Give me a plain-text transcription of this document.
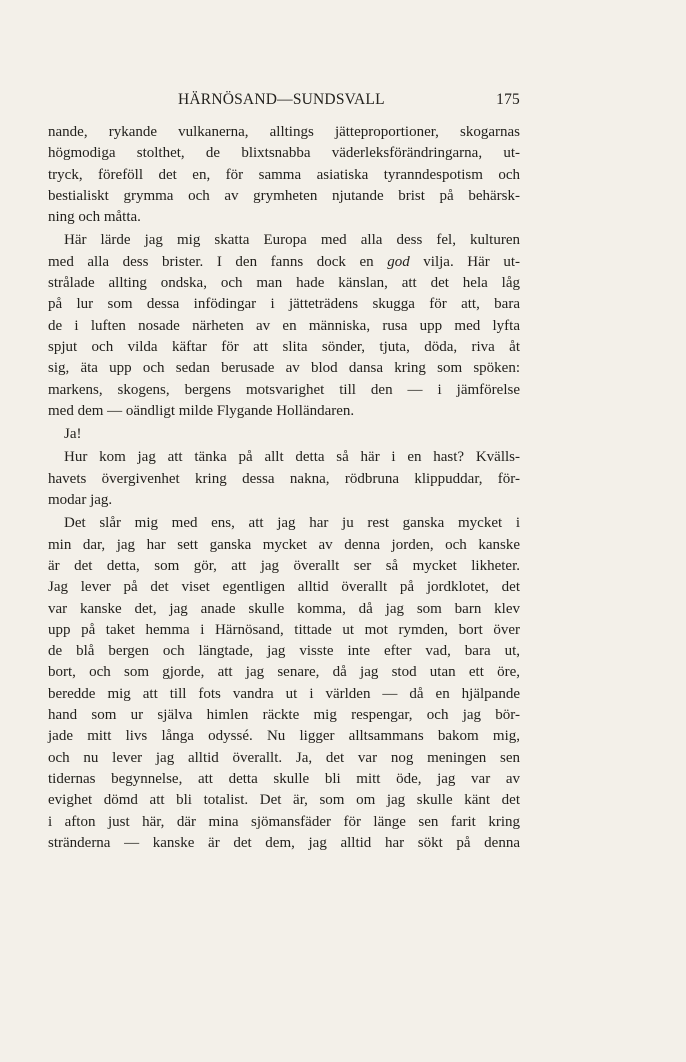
HÄRNÖSAND—SUNDSVALL	175
nande, rykande vulkanerna, alltings jätteproportioner, skogarnas
högmodiga stolthet, de blixtsnabba väderleksförändringarna, ut-
tryck, föreföll det en, för samma asiatiska tyranndespotism och
bestialiskt grymma och av grymheten njutande brist på behärsk-
ning och måtta.
Här lärde jag mig skatta Europa med alla dess fel, kulturen
med alla dess brister. I den fanns dock en god vilja. Här ut-
strålade allting ondska, och man hade känslan, att det hela låg
på lur som dessa infödingar i jätteträdens skugga för att, bara
de i luften nosade närheten av en människa, rusa upp med lyfta
spjut och vilda käftar för att slita sönder, tjuta, döda, riva åt
sig, äta upp och sedan berusade av blod dansa kring som spöken:
markens, skogens, bergens motsvarighet till den — i jämförelse
med dem — oändligt milde Flygande Holländaren.
Ja!
Hur kom jag att tänka på allt detta så här i en hast? Kvälls-
havets övergivenhet kring dessa nakna, rödbruna klippuddar, för-
modar jag.
Det slår mig med ens, att jag har ju rest ganska mycket i
min dar, jag har sett ganska mycket av denna jorden, och kanske
är det detta, som gör, att jag överallt ser så mycket likheter.
Jag lever på det viset egentligen alltid överallt på jordklotet, det
var kanske det, jag anade skulle komma, då jag som barn klev
upp på taket hemma i Härnösand, tittade ut mot rymden, bort över
de blå bergen och längtade, jag visste inte efter vad, bara ut,
bort, och som gjorde, att jag senare, då jag stod utan ett öre,
beredde mig att till fots vandra ut i världen — då en hjälpande
hand som ur själva himlen räckte mig respengar, och jag bör-
jade mitt livs långa odyssé. Nu ligger alltsammans bakom mig,
och nu lever jag alltid överallt. Ja, det var nog meningen sen
tidernas begynnelse, att detta skulle bli mitt öde, jag var av
evighet dömd att bli totalist. Det är, som om jag skulle känt det
i afton just här, där mina sjömansfäder för länge sen farit kring
stränderna — kanske är det dem, jag alltid har sökt på denna
